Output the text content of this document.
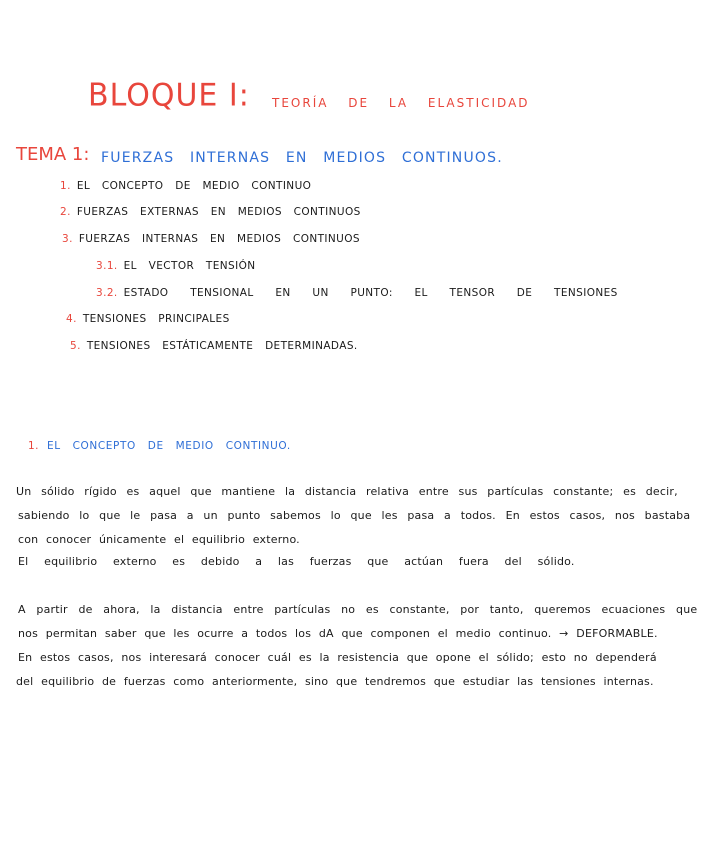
BLOQUE I: TEORÍA DE LA ELASTICIDAD
TEMA 1: FUERZAS INTERNAS EN MEDIOS CONTINUOS.
1. EL CONCEPTO DE MEDIO CONTINUO
2. FUERZAS EXTERNAS EN MEDIOS CONTINUOS
3. FUERZAS INTERNAS EN MEDIOS CONTINUOS
3.1. EL VECTOR TENSIÓN
3.2. ESTADO TENSIONAL EN UN PUNTO: EL TENSOR DE TENSIONES
4. TENSIONES PRINCIPALES
5. TENSIONES ESTÁTICAMENTE DETERMINADAS.
1. EL CONCEPTO DE MEDIO CONTINUO.
Un sólido rígido es aquel que mantiene la distancia relativa entre sus partículas constante; es decir,
sabiendo lo que le pasa a un punto sabemos lo que les pasa a todos. En estos casos, nos bastaba
con conocer únicamente el equilibrio externo.
El equilibrio externo es debido a las fuerzas que actúan fuera del sólido.
A partir de ahora, la distancia entre partículas no es constante, por tanto, queremos ecuaciones que
nos permitan saber que les ocurre a todos los dA que componen el medio continuo. → DEFORMABLE.
En estos casos, nos interesará conocer cuál es la resistencia que opone el sólido; esto no dependerá
del equilibrio de fuerzas como anteriormente, sino que tendremos que estudiar las tensiones internas.
